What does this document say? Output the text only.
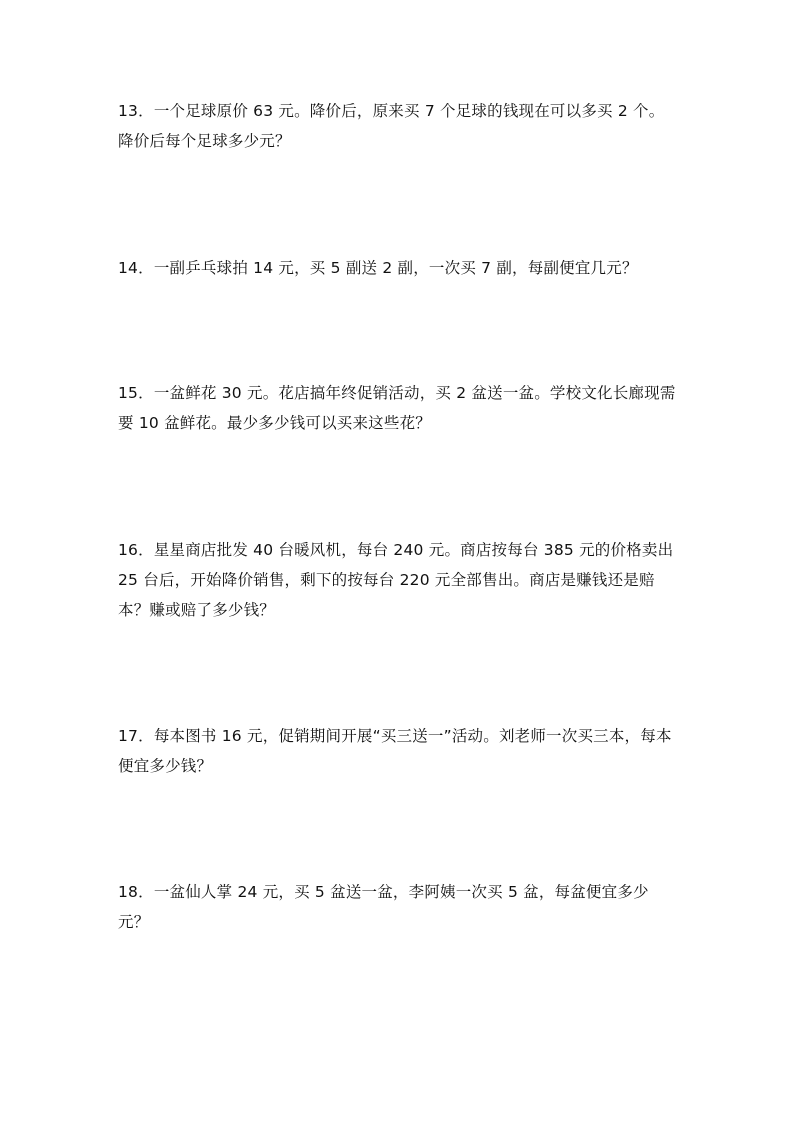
13．一个足球原价 63 元。降价后，原来买 7 个足球的钱现在可以多买 2 个。降价后每个足球多少元？

14．一副乒乓球拍 14 元，买 5 副送 2 副，一次买 7 副，每副便宜几元？

15．一盆鲜花 30 元。花店搞年终促销活动，买 2 盆送一盆。学校文化长廊现需要 10 盆鲜花。最少多少钱可以买来这些花？

16．星星商店批发 40 台暖风机，每台 240 元。商店按每台 385 元的价格卖出 25 台后，开始降价销售，剩下的按每台 220 元全部售出。商店是赚钱还是赔本？赚或赔了多少钱？

17．每本图书 16 元，促销期间开展“买三送一”活动。刘老师一次买三本，每本便宜多少钱？

18．一盆仙人掌 24 元，买 5 盆送一盆，李阿姨一次买 5 盆，每盆便宜多少元？
